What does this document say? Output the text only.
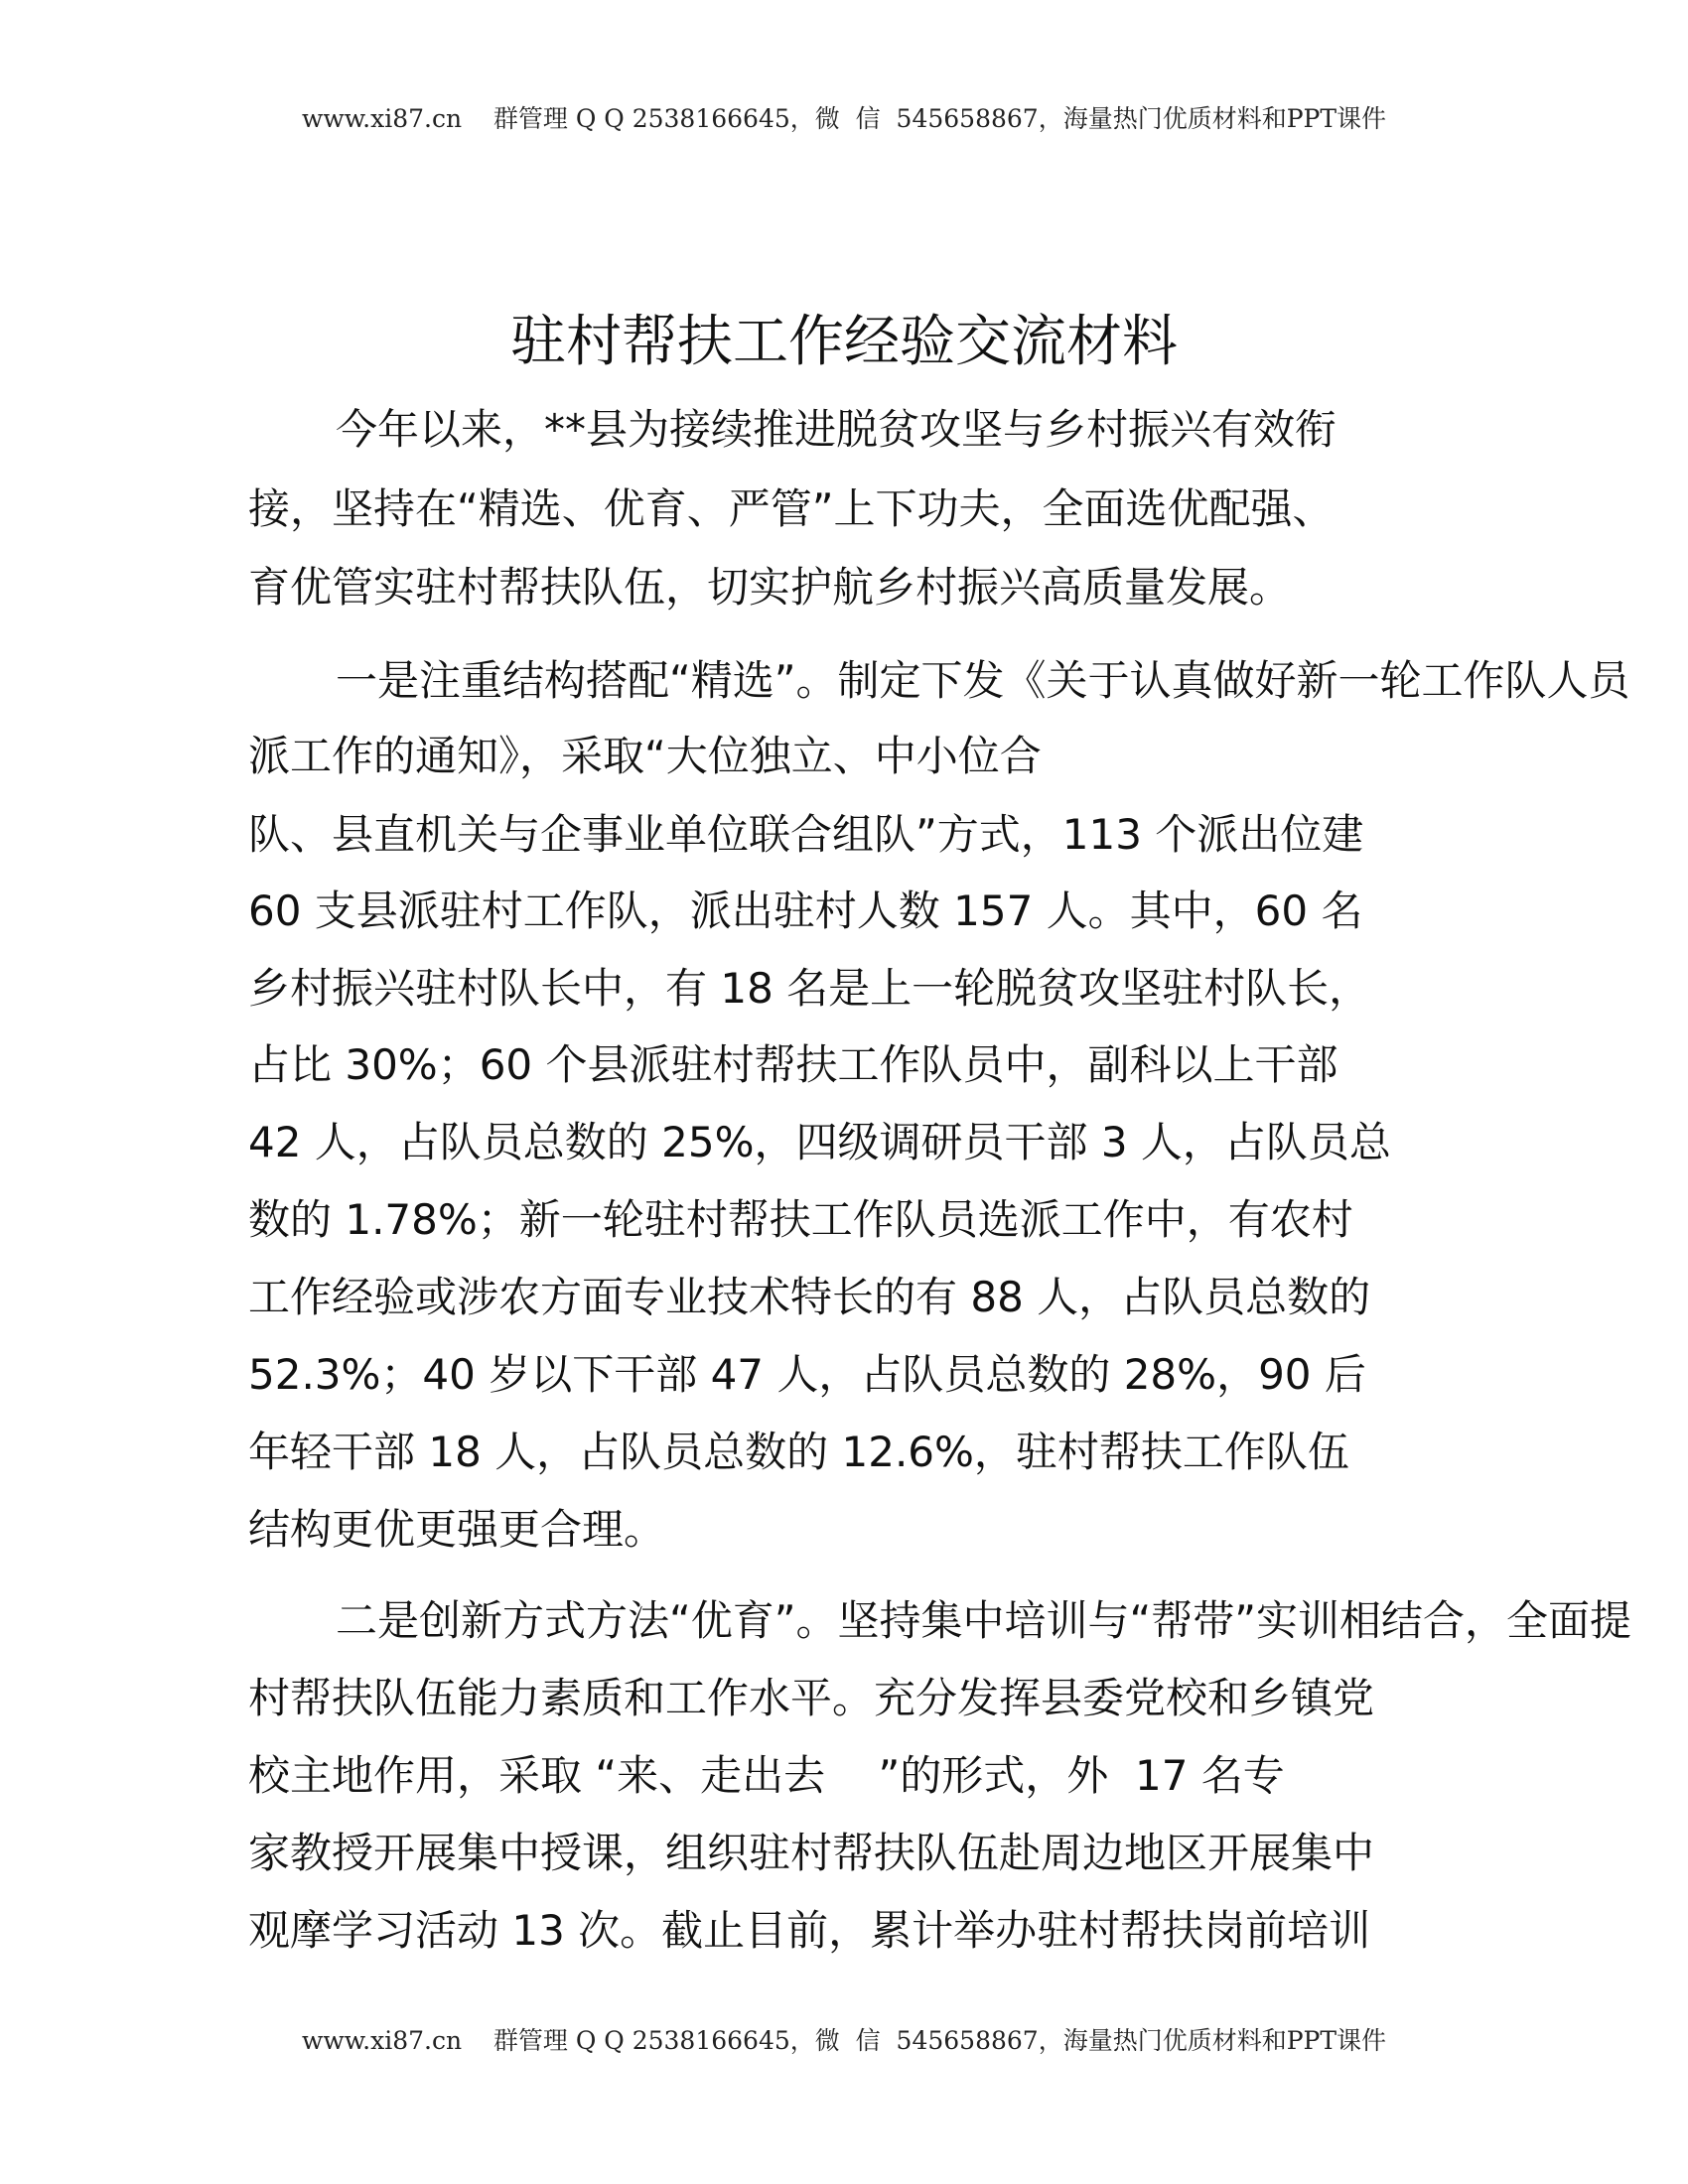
www.xi87.cn    群管理 Q Q 2538166645，微  信  545658867，海量热门优质材料和PPT课件
驻村帮扶工作经验交流材料
今年以来，**县为接续推进脱贫攻坚与乡村振兴有效衔
接，坚持在“精选、优育、严管”上下功夫，全面选优配强、
育优管实驻村帮扶队伍，切实护航乡村振兴高质量发展。
一是注重结构搭配“精选”。制定下发《关于认真做好新一轮工作队人员
派工作的通知》，采取“大位独立、中小位合
队、县直机关与企事业单位联合组队”方式，113 个派出位建
60 支县派驻村工作队，派出驻村人数 157 人。其中，60 名
乡村振兴驻村队长中，有 18 名是上一轮脱贫攻坚驻村队长，
占比 30%；60 个县派驻村帮扶工作队员中，副科以上干部
42 人，占队员总数的 25%，四级调研员干部 3 人，占队员总
数的 1.78%；新一轮驻村帮扶工作队员选派工作中，有农村
工作经验或涉农方面专业技术特长的有 88 人，占队员总数的
52.3%；40 岁以下干部 47 人，占队员总数的 28%，90 后
年轻干部 18 人，占队员总数的 12.6%，驻村帮扶工作队伍
结构更优更强更合理。
二是创新方式方法“优育”。坚持集中培训与“帮带”实训相结合，全面提
村帮扶队伍能力素质和工作水平。充分发挥县委党校和乡镇党
校主地作用，采取 “来、走出去    ”的形式，外  17 名专
家教授开展集中授课，组织驻村帮扶队伍赴周边地区开展集中
观摩学习活动 13 次。截止目前，累计举办驻村帮扶岗前培训
www.xi87.cn    群管理 Q Q 2538166645，微  信  545658867，海量热门优质材料和PPT课件
